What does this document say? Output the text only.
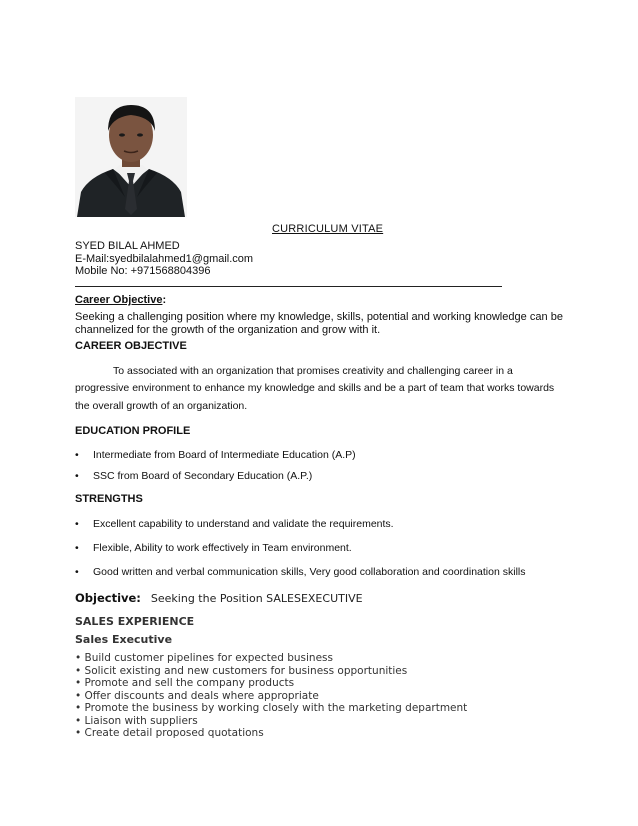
CURRICULUM VITAE
SYED BILAL AHMED
E-Mail:syedbilalahmed1@gmail.com
Mobile No: +971568804396
Career Objective:
Seeking a challenging position where my knowledge, skills, potential and working knowledge can be channelized for the growth of the organization and grow with it.
CAREER OBJECTIVE
To associated with an organization that promises creativity and challenging career in a
progressive environment to enhance my knowledge and skills and be a part of team that works towards
the overall growth of an organization.
EDUCATION PROFILE
• Intermediate from Board of Intermediate Education (A.P)
• SSC from Board of Secondary Education (A.P.)
STRENGTHS
• Excellent capability to understand and validate the requirements.
• Flexible, Ability to work effectively in Team environment.
• Good written and verbal communication skills, Very good collaboration and coordination skills
Objective: Seeking the Position SALESEXECUTIVE
SALES EXPERIENCE
Sales Executive
• Build customer pipelines for expected business
• Solicit existing and new customers for business opportunities
• Promote and sell the company products
• Offer discounts and deals where appropriate
• Promote the business by working closely with the marketing department
• Liaison with suppliers
• Create detail proposed quotations
